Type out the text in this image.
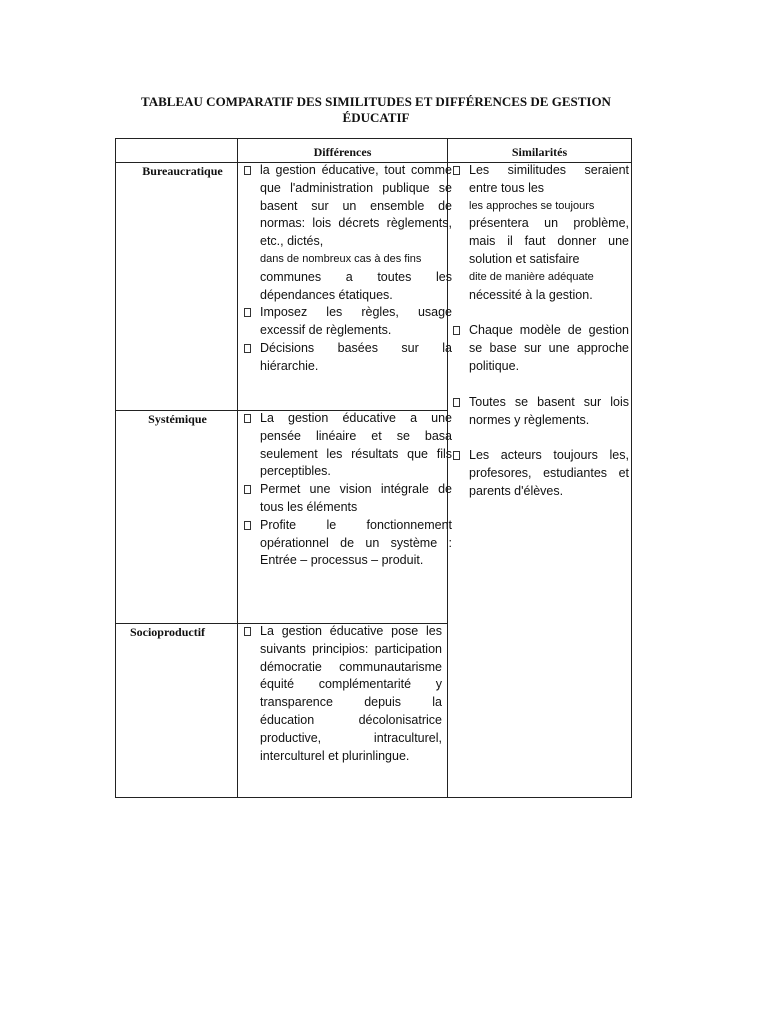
TABLEAU COMPARATIF DES SIMILITUDES ET DIFFÉRENCES DE GESTION
ÉDUCATIF
Différences	Similarités
Bureaucratique
Systémique
Socioproductif
la gestion éducative, tout comme que l'administration publique se basent sur un ensemble de normas: lois décrets règlements, etc., dictés,
dans de nombreux cas à des fins
communes a toutes les dépendances étatiques.
Imposez les règles, usage excessif de règlements.
Décisions basées sur la hiérarchie.
La gestion éducative a une pensée linéaire et se basa seulement les résultats que fils perceptibles.
Permet une vision intégrale de tous les éléments
Profite le fonctionnement opérationnel de un système : Entrée – processus – produit.
La gestion éducative pose les suivants principios: participation démocratie communautarisme équité complémentarité y transparence depuis la éducation décolonisatrice productive, intraculturel, interculturel et plurinlingue.
Les similitudes seraient entre tous les
les approches se toujours
présentera un problème, mais il faut donner une solution et satisfaire
dite de manière adéquate
nécessité à la gestion.
Chaque modèle de gestion se base sur une approche politique.
Toutes se basent sur lois normes y règlements.
Les acteurs toujours les, profesores, estudiantes et parents d'élèves.
